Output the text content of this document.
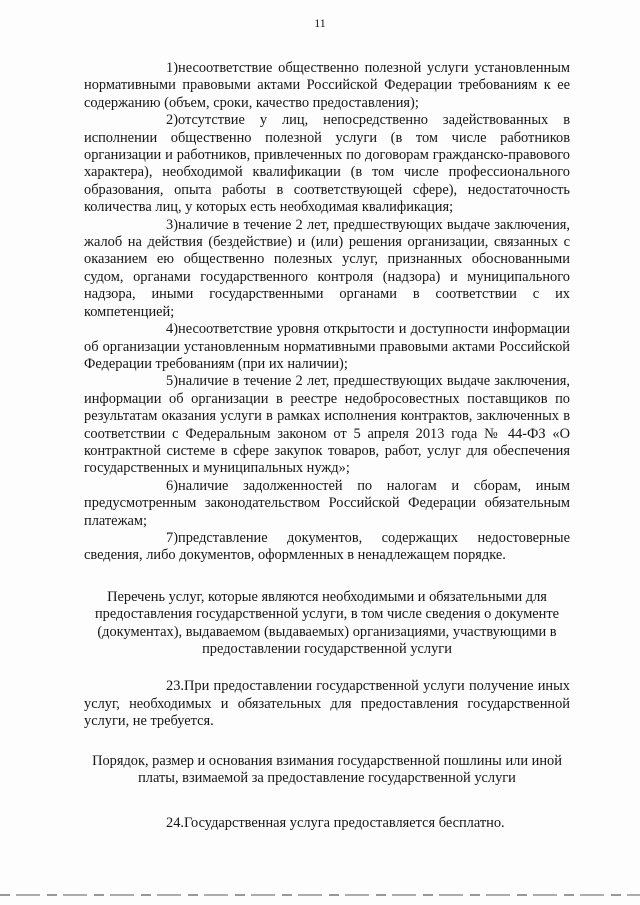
11

1)несоответствие общественно полезной услуги установленным нормативными правовыми актами Российской Федерации требованиям к ее содержанию (объем, сроки, качество предоставления);

2)отсутствие у лиц, непосредственно задействованных в исполнении общественно полезной услуги (в том числе работников организации и работников, привлеченных по договорам гражданско-правового характера), необходимой квалификации (в том числе профессионального образования, опыта работы в соответствующей сфере), недостаточность количества лиц, у которых есть необходимая квалификация;

3)наличие в течение 2 лет, предшествующих выдаче заключения, жалоб на действия (бездействие) и (или) решения организации, связанных с оказанием ею общественно полезных услуг, признанных обоснованными судом, органами государственного контроля (надзора) и муниципального надзора, иными государственными органами в соответствии с их компетенцией;

4)несоответствие уровня открытости и доступности информации об организации установленным нормативными правовыми актами Российской Федерации требованиям (при их наличии);

5)наличие в течение 2 лет, предшествующих выдаче заключения, информации об организации в реестре недобросовестных поставщиков по результатам оказания услуги в рамках исполнения контрактов, заключенных в соответствии с Федеральным законом от 5 апреля 2013 года № 44-ФЗ «О контрактной системе в сфере закупок товаров, работ, услуг для обеспечения государственных и муниципальных нужд»;

6)наличие задолженностей по налогам и сборам, иным предусмотренным законодательством Российской Федерации обязательным платежам;

7)представление документов, содержащих недостоверные сведения, либо документов, оформленных в ненадлежащем порядке.

Перечень услуг, которые являются необходимыми и обязательными для предоставления государственной услуги, в том числе сведения о документе (документах), выдаваемом (выдаваемых) организациями, участвующими в предоставлении государственной услуги

23.При предоставлении государственной услуги получение иных услуг, необходимых и обязательных для предоставления государственной услуги, не требуется.

Порядок, размер и основания взимания государственной пошлины или иной платы, взимаемой за предоставление государственной услуги

24.Государственная услуга предоставляется бесплатно.
